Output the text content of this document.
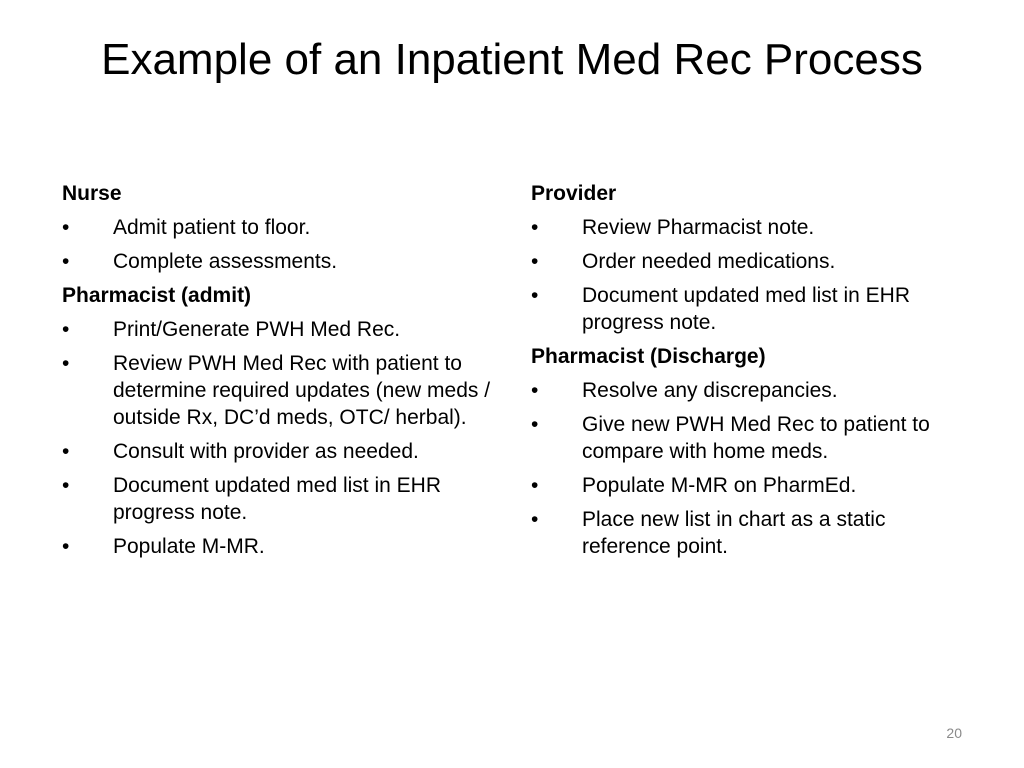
Example of an Inpatient Med Rec Process
Nurse
•	Admit patient to floor.
•	Complete assessments.
Pharmacist (admit)
•	Print/Generate PWH Med Rec.
•	Review PWH Med Rec with patient to determine required updates (new meds / outside Rx, DC’d meds, OTC/ herbal).
•	Consult with provider as needed.
•	Document updated med list in EHR progress note.
•	Populate M-MR.
Provider
•	Review Pharmacist note.
•	Order needed medications.
•	Document updated med list in EHR progress note.
Pharmacist (Discharge)
•	Resolve any discrepancies.
•	Give new PWH Med Rec to patient to compare with home meds.
•	Populate M-MR on PharmEd.
•	Place new list in chart as a static reference point.
20
